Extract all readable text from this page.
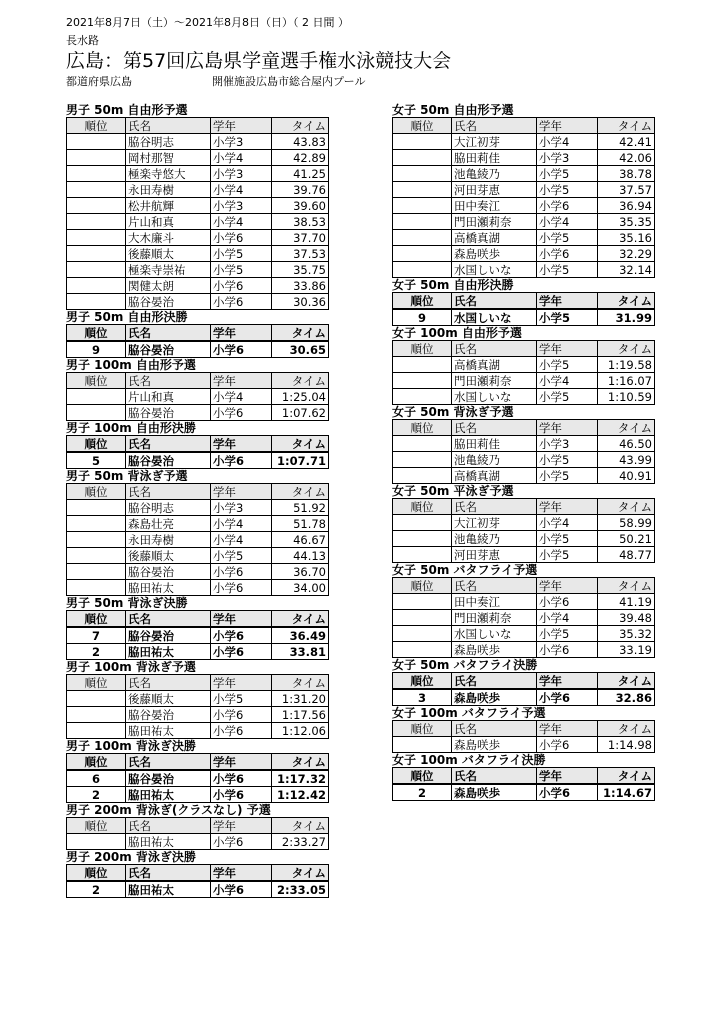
2021年8月7日（土）～2021年8月8日（日）（ 2 日間 ）
長水路
広島：第57回広島県学童選手権水泳競技大会
都道府県広島	開催施設広島市総合屋内プール
男子 50m 自由形予選
順位	氏名	学年	タイム
	脇谷明志	小学3	43.83
	岡村那智	小学4	42.89
	極楽寺悠大	小学3	41.25
	永田寿樹	小学4	39.76
	松井航輝	小学3	39.60
	片山和真	小学4	38.53
	大木廉斗	小学6	37.70
	後藤順太	小学5	37.53
	極楽寺崇祐	小学5	35.75
	関健太朗	小学6	33.86
	脇谷晏治	小学6	30.36
男子 50m 自由形決勝
順位	氏名	学年	タイム
9	脇谷晏治	小学6	30.65
男子 100m 自由形予選
順位	氏名	学年	タイム
	片山和真	小学4	1:25.04
	脇谷晏治	小学6	1:07.62
男子 100m 自由形決勝
順位	氏名	学年	タイム
5	脇谷晏治	小学6	1:07.71
男子 50m 背泳ぎ予選
順位	氏名	学年	タイム
	脇谷明志	小学3	51.92
	森島壮亮	小学4	51.78
	永田寿樹	小学4	46.67
	後藤順太	小学5	44.13
	脇谷晏治	小学6	36.70
	脇田祐太	小学6	34.00
男子 50m 背泳ぎ決勝
順位	氏名	学年	タイム
7	脇谷晏治	小学6	36.49
2	脇田祐太	小学6	33.81
男子 100m 背泳ぎ予選
順位	氏名	学年	タイム
	後藤順太	小学5	1:31.20
	脇谷晏治	小学6	1:17.56
	脇田祐太	小学6	1:12.06
男子 100m 背泳ぎ決勝
順位	氏名	学年	タイム
6	脇谷晏治	小学6	1:17.32
2	脇田祐太	小学6	1:12.42
男子 200m 背泳ぎ(クラスなし) 予選
順位	氏名	学年	タイム
	脇田祐太	小学6	2:33.27
男子 200m 背泳ぎ決勝
順位	氏名	学年	タイム
2	脇田祐太	小学6	2:33.05
女子 50m 自由形予選
順位	氏名	学年	タイム
	大江初芽	小学4	42.41
	脇田莉佳	小学3	42.06
	池亀綾乃	小学5	38.78
	河田芽恵	小学5	37.57
	田中奏江	小学6	36.94
	門田瀬莉奈	小学4	35.35
	高橋真湖	小学5	35.16
	森島咲歩	小学6	32.29
	水国しいな	小学5	32.14
女子 50m 自由形決勝
順位	氏名	学年	タイム
9	水国しいな	小学5	31.99
女子 100m 自由形予選
順位	氏名	学年	タイム
	高橋真湖	小学5	1:19.58
	門田瀬莉奈	小学4	1:16.07
	水国しいな	小学5	1:10.59
女子 50m 背泳ぎ予選
順位	氏名	学年	タイム
	脇田莉佳	小学3	46.50
	池亀綾乃	小学5	43.99
	高橋真湖	小学5	40.91
女子 50m 平泳ぎ予選
順位	氏名	学年	タイム
	大江初芽	小学4	58.99
	池亀綾乃	小学5	50.21
	河田芽恵	小学5	48.77
女子 50m バタフライ予選
順位	氏名	学年	タイム
	田中奏江	小学6	41.19
	門田瀬莉奈	小学4	39.48
	水国しいな	小学5	35.32
	森島咲歩	小学6	33.19
女子 50m バタフライ決勝
順位	氏名	学年	タイム
3	森島咲歩	小学6	32.86
女子 100m バタフライ予選
順位	氏名	学年	タイム
	森島咲歩	小学6	1:14.98
女子 100m バタフライ決勝
順位	氏名	学年	タイム
2	森島咲歩	小学6	1:14.67
